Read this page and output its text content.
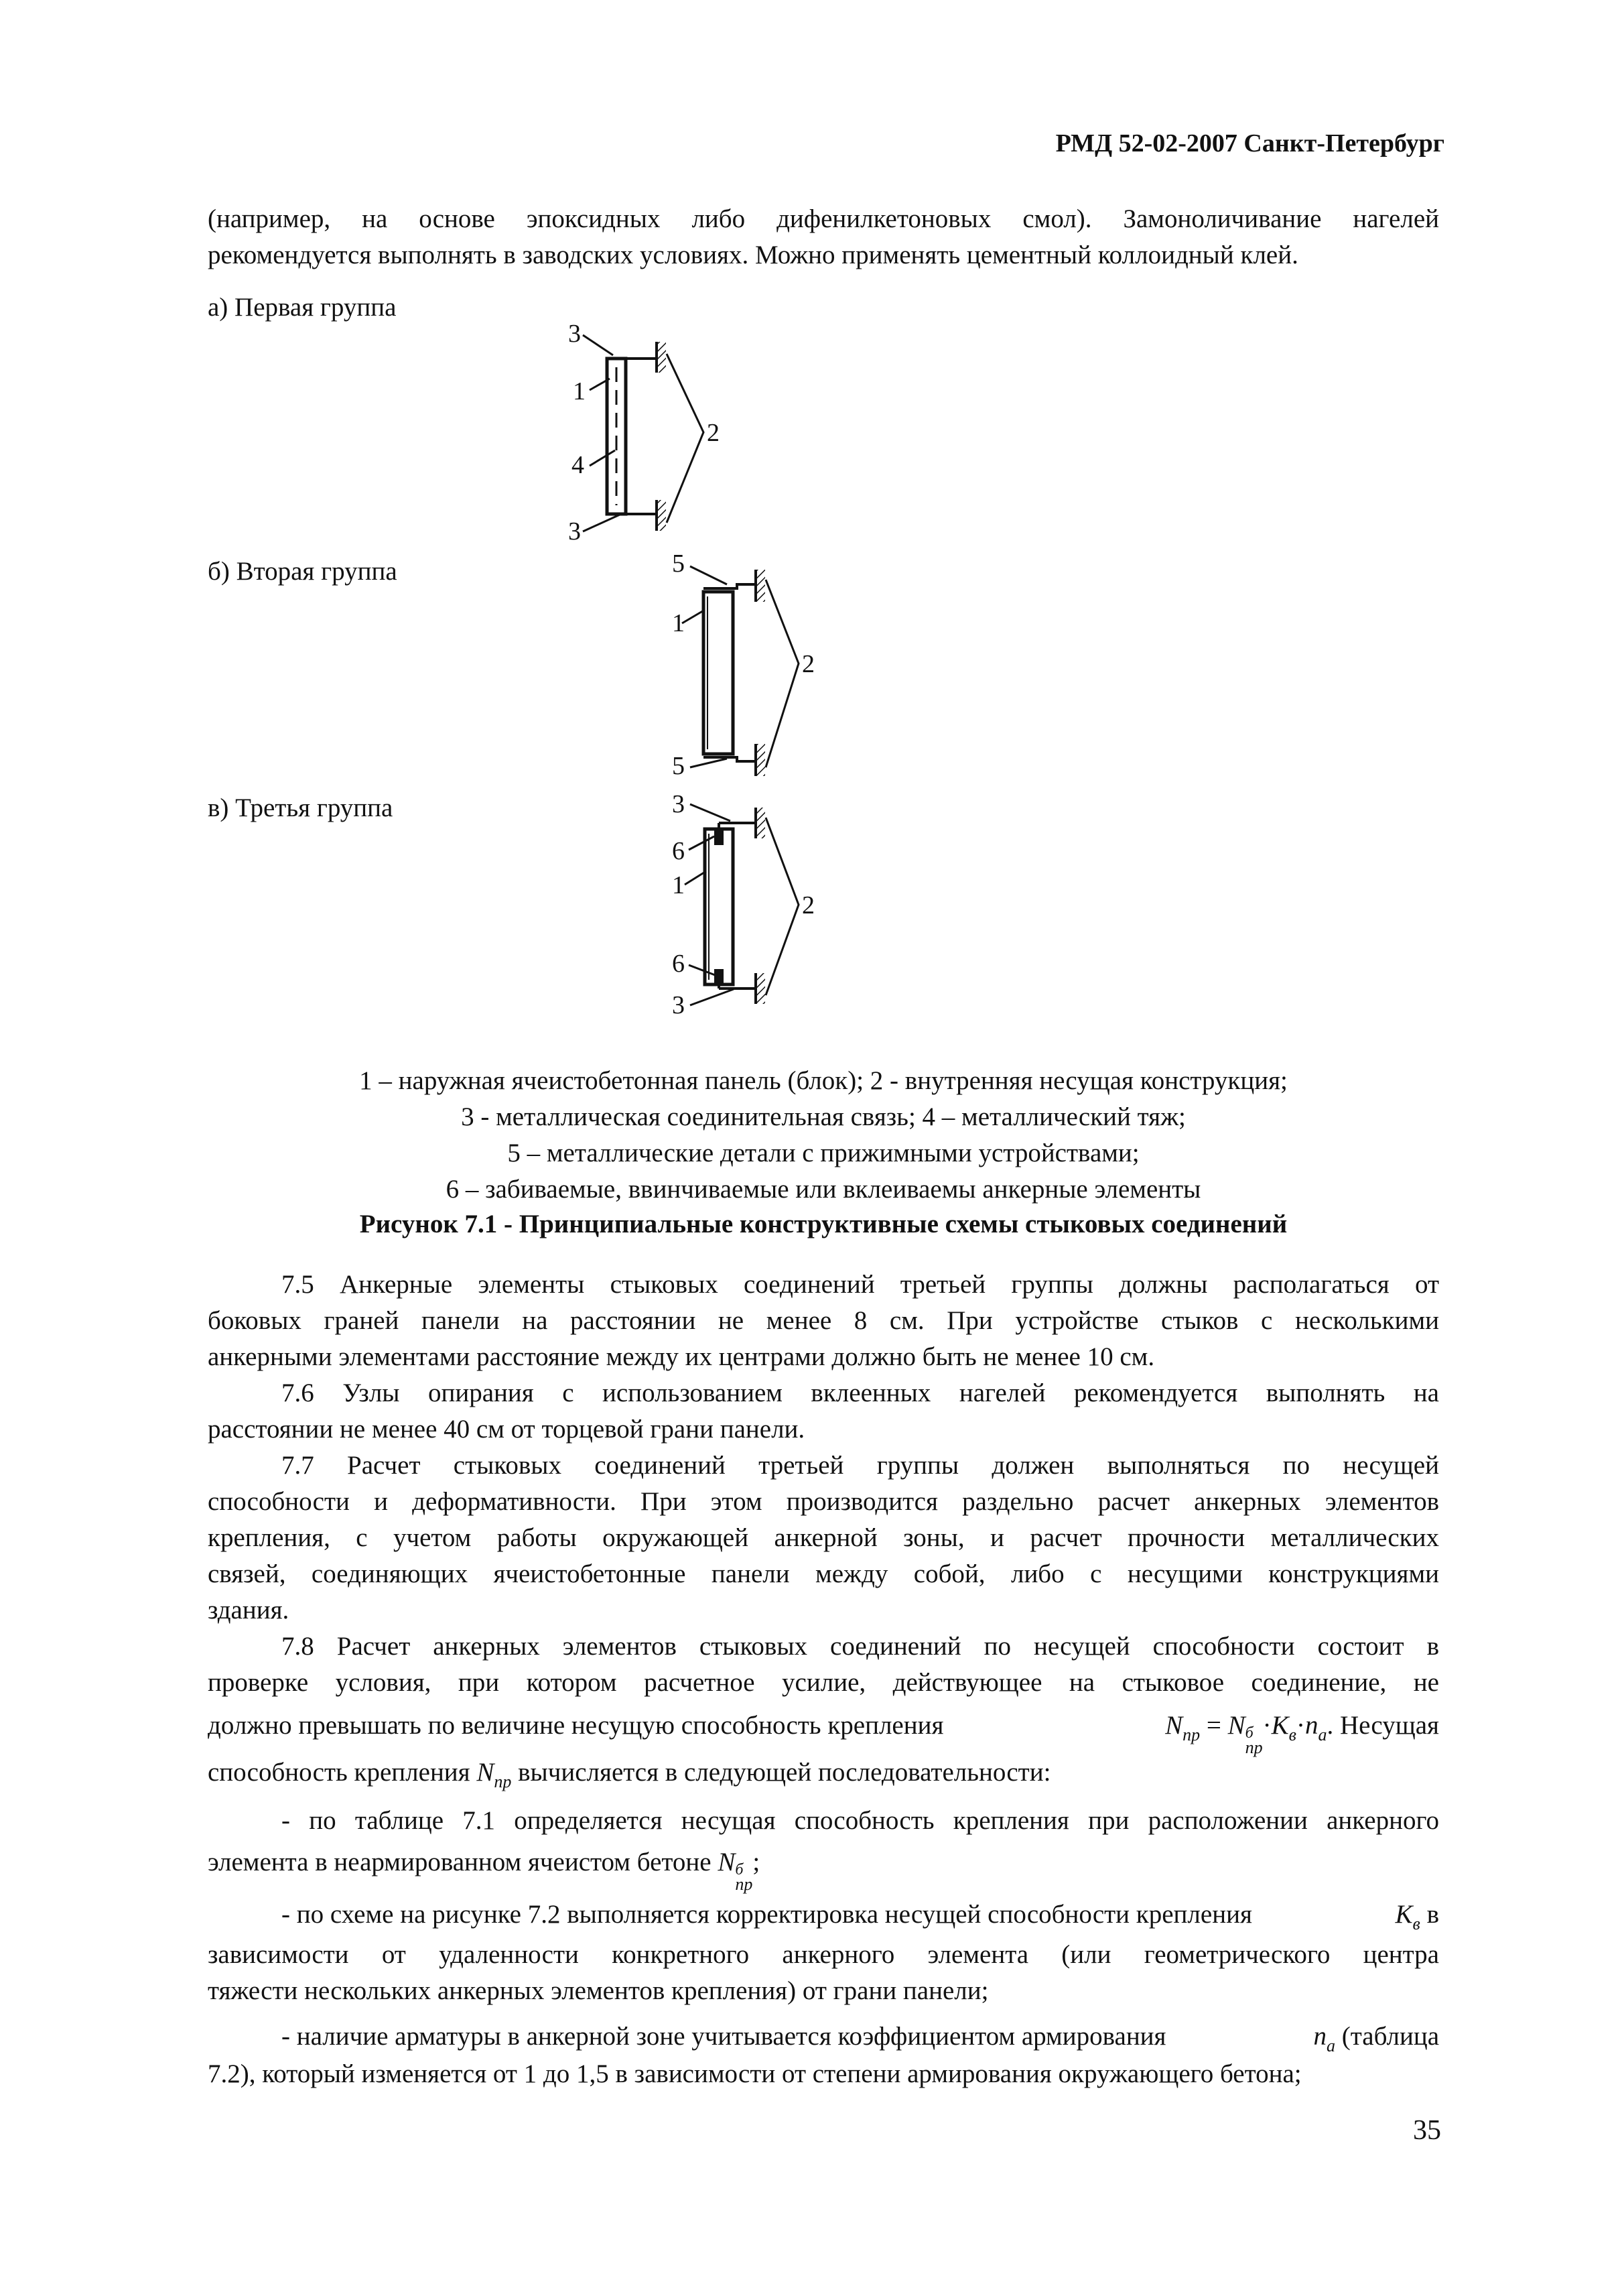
РМД 52-02-2007 Санкт-Петербург
(например, на основе эпоксидных либо дифенилкетоновых смол). Замоноличивание нагелей
рекомендуется выполнять в заводских условиях. Можно применять цементный коллоидный клей.
а) Первая группа
б) Вторая группа
в) Третья группа
3
1
2
4
3
5
1
2
5
3
6
1
2
6
3
1 – наружная ячеистобетонная панель (блок); 2 - внутренняя несущая конструкция;
3 - металлическая соединительная связь; 4 – металлический тяж;
5 – металлические детали с прижимными устройствами;
6 – забиваемые, ввинчиваемые или вклеиваемы анкерные элементы
Рисунок 7.1 - Принципиальные конструктивные схемы стыковых соединений
7.5 Анкерные элементы стыковых соединений третьей группы должны располагаться от
боковых граней панели на расстоянии не менее 8 см. При устройстве стыков с несколькими
анкерными элементами расстояние между их центрами должно быть не менее 10 см.
7.6 Узлы опирания с использованием вклеенных нагелей рекомендуется выполнять на
расстоянии не менее 40 см от торцевой грани панели.
7.7 Расчет стыковых соединений третьей группы должен выполняться по несущей
способности и деформативности. При этом производится раздельно расчет анкерных элементов
крепления, с учетом работы окружающей анкерной зоны, и расчет прочности металлических
связей, соединяющих ячеистобетонные панели между собой, либо с несущими конструкциями
здания.
7.8 Расчет анкерных элементов стыковых соединений по несущей способности состоит в
проверке условия, при котором расчетное усилие, действующее на стыковое соединение, не
должно превышать по величине несущую способность крепления	$N_{пр} = N$ б
пр
$\cdot K_в\cdot n_а$. Несущая
способность крепления $N_{пр}$ вычисляется в следующей последовательности:
- по таблице 7.1 определяется несущая способность крепления при расположении анкерного
элемента в неармированном ячеистом бетоне N б
пр
;
- по схеме на рисунке 7.2 выполняется корректировка несущей способности крепления	$K_в$ в
зависимости от удаленности конкретного анкерного элемента (или геометрического центра
тяжести нескольких анкерных элементов крепления) от грани панели;
- наличие арматуры в анкерной зоне учитывается коэффициентом армирования	$n_а$ (таблица
7.2), который изменяется от 1 до 1,5 в зависимости от степени армирования окружающего бетона;
35
